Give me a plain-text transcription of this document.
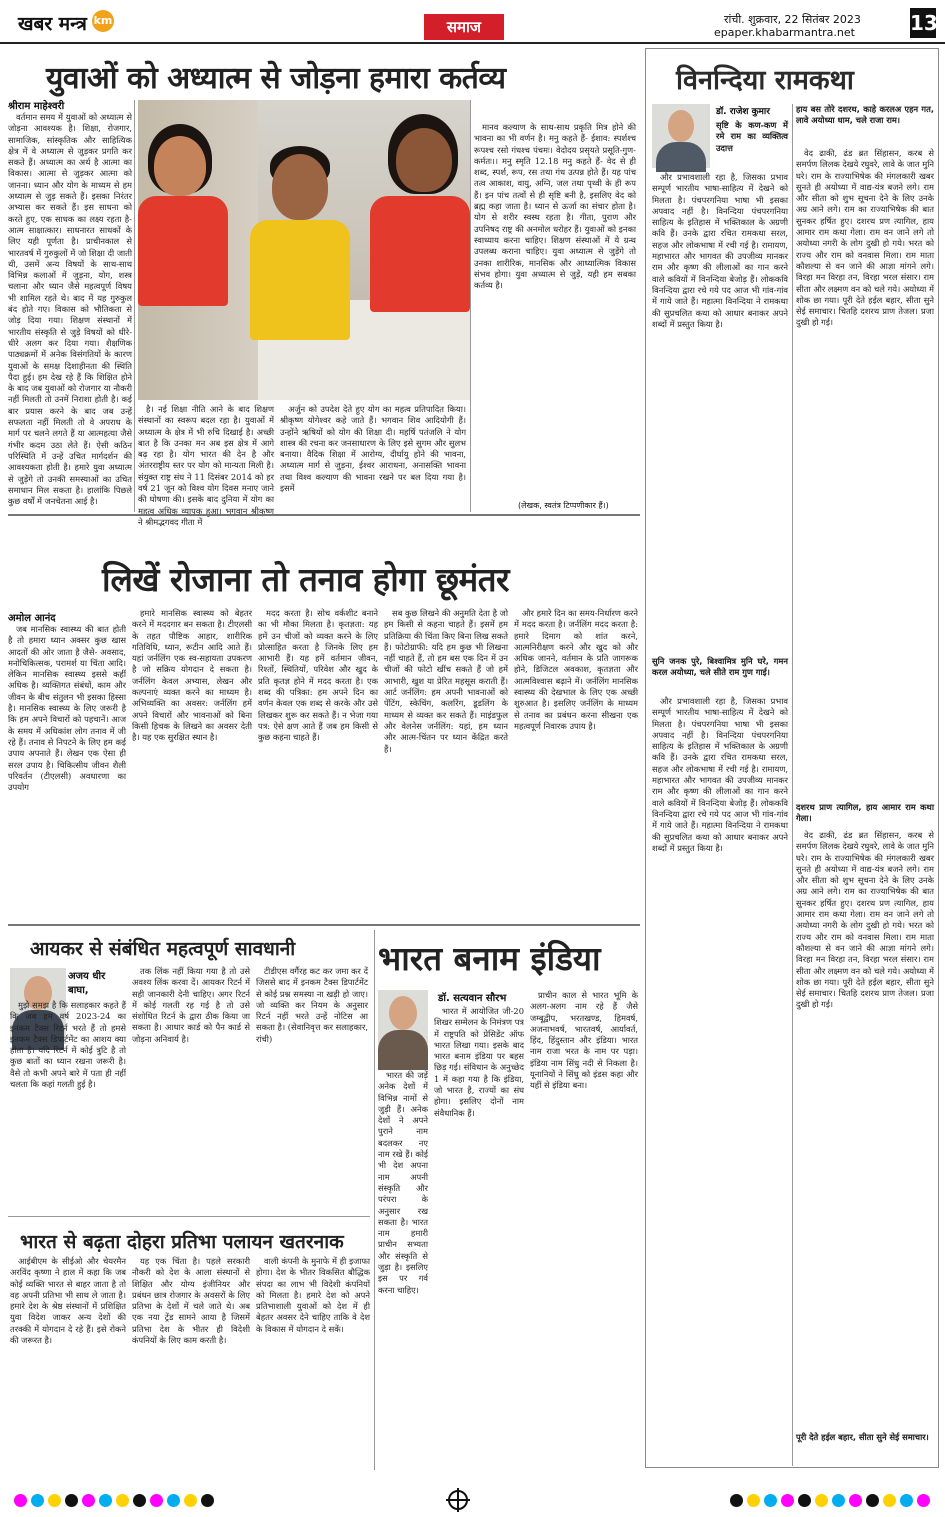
खबर मन्त्र km	समाज	रांची. शुक्रवार, 22 सितंबर 2023
epaper.khabarmantra.net	13
युवाओं को अध्यात्म से जोड़ना हमारा कर्तव्य
श्रीराम माहेश्वरी

वर्तमान समय में युवाओं को अध्यात्म से जोड़ना आवश्यक है। शिक्षा, रोजगार, सामाजिक, सांस्कृतिक और साहित्यिक क्षेत्र में वे अध्यात्म से जुड़कर प्रगति कर सकते हैं। अध्यात्म का अर्थ है आत्मा का विकास। आत्मा से जुड़कर आत्मा को जानना। ध्यान और योग के माध्यम से हम अध्यात्म से जुड़ सकते हैं। इसका निरंतर अभ्यास कर सकते हैं। इस साधना को करते हुए, एक साधक का लक्ष्य रहता है- आत्म साक्षात्कार। साधनारत साधकों के लिए यही पूर्णता है। प्राचीनकाल से भारतवर्ष में गुरुकुलों में जो शिक्षा दी जाती थी, उसमें अन्य विषयों के साथ-साथ विभिन्न कलाओं में जुड़ना, योग, शस्त्र चलाना और ध्यान जैसे महत्वपूर्ण विषय भी शामिल रहते थे। बाद में यह गुरुकुल बंद होते गए। विकास को भौतिकता से जोड़ दिया गया। शिक्षण संस्थानों में भारतीय संस्कृति से जुड़े विषयों को धीरे-धीरे अलग कर दिया गया। शैक्षणिक पाठ्यक्रमों में अनेक विसंगतियों के कारण युवाओं के समक्ष दिशाहीनता की स्थिति पैदा हुई। हम देख रहे हैं कि शिक्षित होने के बाद जब युवाओं को रोजगार या नौकरी नहीं मिलती तो उनमें निराशा होती है। कई बार प्रयास करने के बाद जब उन्हें सफलता नहीं मिलती तो वे अपराध के मार्ग पर चलने लगते हैं या आत्महत्या जैसे गंभीर कदम उठा लेते हैं। ऐसी कठिन परिस्थिति में उन्हें उचित मार्गदर्शन की आवश्यकता होती है। हमारे युवा अध्यात्म से जुड़ेंगे तो उनकी समस्याओं का उचित समाधान मिल सकता है। हालांकि पिछले कुछ वर्षों में जनचेतना आई है।

है। नई शिक्षा नीति आने के बाद शिक्षण संस्थानों का स्वरूप बदल रहा है। युवाओं में अध्यात्म के क्षेत्र में भी रुचि दिखाई है। अच्छी बात है कि उनका मन अब इस क्षेत्र में आगे बढ़ रहा है। योग भारत की देन है और अंतरराष्ट्रीय स्तर पर योग को मान्यता मिली है। संयुक्त राष्ट्र संघ ने 11 दिसंबर 2014 को हर वर्ष 21 जून को विश्व योग दिवस मनाए जाने की घोषणा की। इसके बाद दुनिया में योग का महत्व अधिक व्यापक हुआ। भगवान श्रीकृष्ण ने श्रीमद्भगवद गीता में

अर्जुन को उपदेश देते हुए योग का महत्व प्रतिपादित किया। श्रीकृष्ण योगेश्वर कहे जाते हैं। भगवान शिव आदियोगी हैं। उन्होंने ऋषियों को योग की शिक्षा दी। महर्षि पतंजलि ने योग शास्त्र की रचना कर जनसाधारण के लिए इसे सुगम और सुलभ बनाया। वैदिक शिक्षा में आरोग्य, दीर्घायु होने की भावना, अध्यात्म मार्ग से जुड़ना, ईश्वर आराधना, अनासक्ति भावना तथा विश्व कल्याण की भावना रखने पर बल दिया गया है। इसमें

मानव कल्याण के साथ-साथ प्रकृति मित्र होने की भावना का भी वर्णन है। मनु कहते हैं- ईशाव: स्पर्शश्च रूपश्च रसो गंधश्च पंचमः। वेदोदय प्रसृयते प्रसूति-गुण-कर्मतः।। मनु स्मृति 12.18 मनु कहते हैं- वेद से ही शब्द, स्पर्श, रूप, रस तथा गंध उत्पन्न होते हैं। यह पांच तत्व आकाश, वायु, अग्नि, जल तथा पृथ्वी के ही रूप हैं। इन पांच तत्वों से ही सृष्टि बनी है, इसलिए वेद को ब्रह्म कहा जाता है। ध्यान से ऊर्जा का संचार होता है। योग से शरीर स्वस्थ रहता है। गीता, पुराण और उपनिषद राष्ट्र की अनमोल धरोहर हैं। युवाओं को इनका स्वाध्याय करना चाहिए। शिक्षण संस्थाओं में ये ग्रन्थ उपलब्ध कराना चाहिए। युवा अध्यात्म से जुड़ेंगे तो उनका शारीरिक, मानसिक और आध्यात्मिक विकास संभव होगा। युवा अध्यात्म से जुड़ें, यही हम सबका कर्तव्य है।

(लेखक, स्वतंत्र टिप्पणीकार हैं।)
लिखें रोजाना तो तनाव होगा छूमंतर
अमोल आनंद

जब मानसिक स्वास्थ्य की बात होती है तो हमारा ध्यान अक्सर कुछ खास आदतों की ओर जाता है जैसे- अवसाद, मनोचिकित्सक, परामर्श या चिंता आदि। लेकिन मानसिक स्वास्थ्य इससे कहीं अधिक है। व्यक्तिगत संबंधों, काम और जीवन के बीच संतुलन भी इसका हिस्सा है। मानसिक स्वास्थ्य के लिए जरूरी है कि हम अपने विचारों को पहचानें। आज के समय में अधिकांश लोग तनाव में जी रहे हैं। तनाव से निपटने के लिए हम कई उपाय अपनाते हैं। लेखन एक ऐसा ही सरल उपाय है। चिकित्सीय जीवन शैली परिवर्तन (टीएलसी) अवधारणा का उपयोग

हमारे मानसिक स्वास्थ्य को बेहतर करने में मददगार बन सकता है। टीएलसी के तहत पौष्टिक आहार, शारीरिक गतिविधि, ध्यान, रूटीन आदि आते हैं। यहां जर्नलिंग एक स्व-सहायता उपकरण है जो सक्रिय योगदान दे सकता है। जर्नलिंग केवल अभ्यास, लेखन और कल्पनाएं व्यक्त करने का माध्यम है। अभिव्यक्ति का अवसर: जर्नलिंग हमें अपने विचारों और भावनाओं को बिना किसी हिचक के लिखने का अवसर देती है। यह एक सुरक्षित स्थान है।

मदद करता है। सोच वर्कशीट बनाने का भी मौका मिलता है। कृतज्ञता: यह हमें उन चीजों को व्यक्त करने के लिए प्रोत्साहित करता है जिनके लिए हम आभारी हैं। यह हमें वर्तमान जीवन, रिश्तों, स्थितियों, परिवेश और खुद के प्रति कृतज्ञ होने में मदद करता है। एक शब्द की पत्रिका: हम अपने दिन का वर्णन केवल एक शब्द से करके और उसे लिखकर शुरू कर सकते हैं। न भेजा गया पत्र: ऐसे क्षण आते हैं जब हम किसी से कुछ कहना चाहते हैं।

सब कुछ लिखने की अनुमति देता है जो हम किसी से कहना चाहते हैं। इसमें हम प्रतिक्रिया की चिंता किए बिना लिख सकते हैं। फोटोग्राफी: यदि हम कुछ भी लिखना नहीं चाहते हैं, तो हम बस एक दिन में उन चीजों की फोटो खींच सकते हैं जो हमें आभारी, खुश या प्रेरित महसूस कराती हैं। आर्ट जर्नलिंग: हम अपनी भावनाओं को पेंटिंग, स्केचिंग, कलरिंग, डूडलिंग के माध्यम से व्यक्त कर सकते हैं। माइंडफुल और वेलनेस जर्नलिंग: यहां, हम ध्यान और आत्म-चिंतन पर ध्यान केंद्रित करते हैं।

और हमारे दिन का समय-निर्धारण करने में मदद करता है। जर्नलिंग मदद करता है: हमारे दिमाग को शांत करने, आत्मनिरीक्षण करने और खुद को और अधिक जानने, वर्तमान के प्रति जागरूक होने, डिजिटल अवकाश, कृतज्ञता और आत्मविश्वास बढ़ाने में। जर्नलिंग मानसिक स्वास्थ्य की देखभाल के लिए एक अच्छी शुरुआत है। इसलिए जर्नलिंग के माध्यम से तनाव का प्रबंधन करना सीखना एक महत्वपूर्ण निवारक उपाय है।

आयकर से संबंधित महत्वपूर्ण सावधानी
अजय धीर बाघा,

मुझे समझ है कि सलाहकार कहते हैं कि जब हम वर्ष 2023-24 का इनकम टैक्स रिटर्न भरते हैं तो हमसे इनकम टैक्स डिपार्टमेंट का आशय क्या होता है। यदि रिटर्न में कोई त्रुटि है तो कुछ बातों का ध्यान रखना जरूरी है। वैसे तो कभी अपने बारे में पता ही नहीं चलता कि कहां गलती हुई है।

तक लिंक नहीं किया गया है तो उसे अवश्य लिंक करवा दें। आयकर रिटर्न में सही जानकारी देनी चाहिए। अगर रिटर्न में कोई गलती रह गई है तो उसे संशोधित रिटर्न के द्वारा ठीक किया जा सकता है। आधार कार्ड को पैन कार्ड से जोड़ना अनिवार्य है।

टीडीएस वर्गैरह कट कर जमा कर दें जिससे बाद में इनकम टैक्स डिपार्टमेंट से कोई प्रश्न समस्या ना खड़ी हो जाए। जो व्यक्ति कर नियम के अनुसार रिटर्न नहीं भरते उन्हें नोटिस आ सकता है। (सेवानिवृत्त कर सलाहकार, रांची)

भारत से बढ़ता दोहरा प्रतिभा पलायन खतरनाक

आईबीएम के सीईओ और चेयरमैन अरविंद कृष्णा ने हाल में कहा कि जब कोई व्यक्ति भारत से बाहर जाता है तो वह अपनी प्रतिभा भी साथ ले जाता है। हमारे देश के श्रेष्ठ संस्थानों में प्रशिक्षित युवा विदेश जाकर अन्य देशों की तरक्की में योगदान दे रहे हैं। इसे रोकने की जरूरत है।

यह एक चिंता है। पहले सरकारी नौकरी को देश के आला संस्थानों से शिक्षित और योग्य इंजीनियर और प्रबंधन छात्र रोजगार के अवसरों के लिए प्रतिभा के देशों में चले जाते थे। अब एक नया ट्रेंड सामने आया है जिसमें प्रतिभा देश के भीतर ही विदेशी कंपनियों के लिए काम करती है।

वाली कंपनी के मुनाफे में ही इजाफा होगा। देश के भीतर विकसित बौद्धिक संपदा का लाभ भी विदेशी कंपनियों को मिलता है। हमारे देश को अपने प्रतिभाशाली युवाओं को देश में ही बेहतर अवसर देने चाहिए ताकि वे देश के विकास में योगदान दे सकें।

भारत बनाम इंडिया
डॉ. सत्यवान सौरभ

भारत में आयोजित जी-20 शिखर सम्मेलन के निमंत्रण पत्र में राष्ट्रपति को प्रेसिडेंट ऑफ भारत लिखा गया। इसके बाद भारत बनाम इंडिया पर बहस छिड़ गई। संविधान के अनुच्छेद 1 में कहा गया है कि इंडिया, जो भारत है, राज्यों का संघ होगा। इसलिए दोनों नाम संवैधानिक हैं।

प्राचीन काल से भारत भूमि के अलग-अलग नाम रहे हैं जैसे जम्बूद्वीप, भरतखण्ड, हिमवर्ष, अजनाभवर्ष, भारतवर्ष, आर्यावर्त, हिंद, हिंदुस्तान और इंडिया। भारत नाम राजा भरत के नाम पर पड़ा। इंडिया नाम सिंधु नदी से निकला है। यूनानियों ने सिंधु को इंडस कहा और यहीं से इंडिया बना।

भारत की जड़ें अनेक देशों में विभिन्न नामों से जुड़ी हैं। अनेक देशों ने अपने पुराने नाम बदलकर नए नाम रखे हैं। कोई भी देश अपना नाम अपनी संस्कृति और परंपरा के अनुसार रख सकता है। भारत नाम हमारी प्राचीन सभ्यता और संस्कृति से जुड़ा है। इसलिए इस पर गर्व करना चाहिए।

विनन्दिया रामकथा
डॉ. राजेश कुमार

सृष्टि के कण-कण में रमे राम का व्यक्तित्व उदात्त

और प्रभावशाली रहा है, जिसका प्रभाव सम्पूर्ण भारतीय भाषा-साहित्य में देखने को मिलता है। पंचपरगनिया भाषा भी इसका अपवाद नहीं है। विनन्दिया पंचपरगनिया साहित्य के इतिहास में भक्तिकाल के अग्रणी कवि हैं। उनके द्वारा रचित रामकथा सरल, सहज और लोकभाषा में रची गई है। रामायण, महाभारत और भागवत की उपजीव्य मानकर राम और कृष्ण की लीलाओं का गान करने वाले कवियों में विनन्दिया बेजोड़ हैं। लोककवि विनन्दिया द्वारा रचे गये पद आज भी गांव-गांव में गाये जाते हैं। महात्मा विनन्दिया ने रामकथा की सुप्रचलित कथा को आधार बनाकर अपने शब्दों में प्रस्तुत किया है।

सुनि जनक पुरे, बिश्वामित्र मुनि घरे, गमन करल अयोध्या, चले सीते राम गुण गाई।

और प्रभावशाली रहा है, जिसका प्रभाव सम्पूर्ण भारतीय भाषा-साहित्य में देखने को मिलता है। पंचपरगनिया भाषा भी इसका अपवाद नहीं है। विनन्दिया पंचपरगनिया साहित्य के इतिहास में भक्तिकाल के अग्रणी कवि हैं। उनके द्वारा रचित रामकथा सरल, सहज और लोकभाषा में रची गई है। रामायण, महाभारत और भागवत की उपजीव्य मानकर राम और कृष्ण की लीलाओं का गान करने वाले कवियों में विनन्दिया बेजोड़ हैं। लोककवि विनन्दिया द्वारा रचे गये पद आज भी गांव-गांव में गाये जाते हैं। महात्मा विनन्दिया ने रामकथा की सुप्रचलित कथा को आधार बनाकर अपने शब्दों में प्रस्तुत किया है।

हाय बस तोरे दशरथ, काहे करलअ एहन गत, लावे अयोध्या धाम, चले राजा राम।

वेद ढाकी, ढंड ब्रत सिंहासन, करब से समर्पण लिलक देखये रघुवरे, लावे के जात मुनि घरे। राम के राज्याभिषेक की मंगलकारी खबर सुनते ही अयोध्या में वाद्य-यंत्र बजने लगे। राम और सीता को शुभ सूचना देने के लिए उनके अग्र आने लगे। राम का राज्याभिषेक की बात सुनकर हर्षित हुए। दशरथ प्रण त्यागिल, हाय आमार राम कथा गेला। राम वन जाने लगे तो अयोध्या नगरी के लोग दुखी हो गये। भरत को राज्य और राम को वनवास मिला। राम माता कौशल्या से वन जाने की आज्ञा मांगने लगे। विरहा मन विरहा तन, विरहा भरल संसार। राम सीता और लक्ष्मण वन को चले गये। अयोध्या में शोक छा गया। पूरी देते हईल बहार, सीता सुने सेई समाचार। चितहि दशरथ प्राण तेजल। प्रजा दुखी हो गई।

दशरथ प्राण त्यागिल, हाय आमार राम कथा गेला।

वेद ढाकी, ढंड ब्रत सिंहासन, करब से समर्पण लिलक देखये रघुवरे, लावे के जात मुनि घरे। राम के राज्याभिषेक की मंगलकारी खबर सुनते ही अयोध्या में वाद्य-यंत्र बजने लगे। राम और सीता को शुभ सूचना देने के लिए उनके अग्र आने लगे। राम का राज्याभिषेक की बात सुनकर हर्षित हुए। दशरथ प्रण त्यागिल, हाय आमार राम कथा गेला। राम वन जाने लगे तो अयोध्या नगरी के लोग दुखी हो गये। भरत को राज्य और राम को वनवास मिला। राम माता कौशल्या से वन जाने की आज्ञा मांगने लगे। विरहा मन विरहा तन, विरहा भरल संसार। राम सीता और लक्ष्मण वन को चले गये। अयोध्या में शोक छा गया। पूरी देते हईल बहार, सीता सुने सेई समाचार। चितहि दशरथ प्राण तेजल। प्रजा दुखी हो गई।

पूरी देते हईल बहार, सीता सुने सेई समाचार।
